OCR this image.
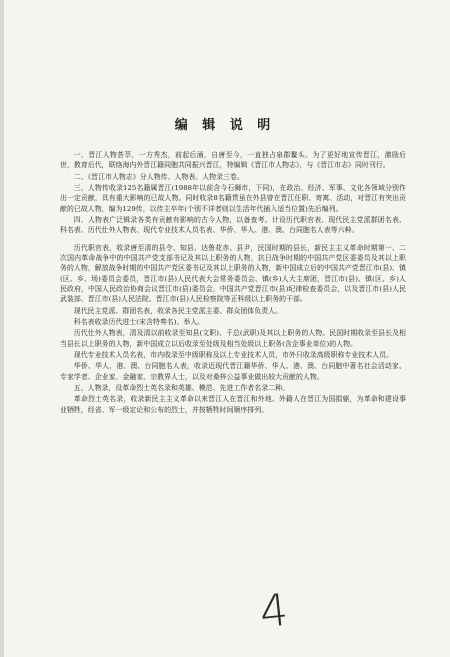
编 辑 说 明

一、晋江人物荟萃，一方秀杰，前起后涌，自唐至今，一直独占泉郡鳌头。为了更好地宣传晋江，激励后世，教育后代，联络海内外晋江籍同胞共同振兴晋江，特编辑《晋江市人物志》，与《晋江市志》同时刊行。

二、《晋江市人物志》分人物传、人物表、人物录三卷。

三、人物传收录125名籍属晋江(1988年以前含今石狮市，下同)，在政治、经济、军事、文化各领域分别作出一定贡献，具有重大影响的已故人物。同时收录8名籍贯虽在外县曾在晋江任职、寄寓、活动，对晋江有突出贡献的已故人物，编为129传，以传主卒年(个别不详者则以生活年代插入适当位置)先后编列。

四、人物表广泛辑录各类有贡献有影响的古今人物，以备查考。计设历代职官表、现代民主党派群团名表、科名表、历代仕外人物表、现代专业技术人员名表、华侨、华人、港、澳、台同胞名人表等六种。

历代职官表，收录唐至清的县令、知县、达鲁花赤、县尹，民国时期的县长，新民主主义革命时期第一、二次国内革命战争中的中国共产党支部书记及其以上职务的人物，抗日战争时期的中国共产党区委委员及其以上职务的人物，解放战争时期的中国共产党区委书记及其以上职务的人物，新中国成立后的中国共产党晋江市(县)、镇(区、乡、场)委员会委员，晋江市(县)人民代表大会常务委员会、镇(乡)人大主席团，晋江市(县)、镇(区、乡)人民政府，中国人民政治协商会议晋江市(县)委员会，中国共产党晋江市(县)纪律检查委员会，以及晋江市(县)人民武装部、晋江市(县)人民法院、晋江市(县)人民检察院等正科级以上职务的干部。

现代民主党派、群团名表，收录各民主党派主委、群众团体负责人。

科名表收录历代进士(宋含特奏名)、举人。

历代仕外人物表，清及清以前收录至知县(文职)、千总(武职)及其以上职务的人物。民国时期收录至县长及相当县长以上职务的人物，新中国成立以后收录至处级及相当处级以上职务(含企事业单位)的人物。

现代专业技术人员名表，市内收录至中级职称及以上专业技术人员，市外只收录高级职称专业技术人员。

华侨、华人、港、澳、台同胞名人表，收录近现代晋江籍华侨、华人、港、澳、台同胞中著名社会活动家、专家学者、企业家、金融家、宗教界人士，以及对桑梓公益事业做出较大贡献的人物。

五、人物录，设革命烈士英名录和英雄、模范、先进工作者名录二种。

革命烈士英名录，收录新民主主义革命以来晋江人在晋江和外地、外籍人在晋江为国捐躯，为革命和建设事业牺牲，经省、军一级定论和公布的烈士，并按牺牲时间顺序排列。

4
